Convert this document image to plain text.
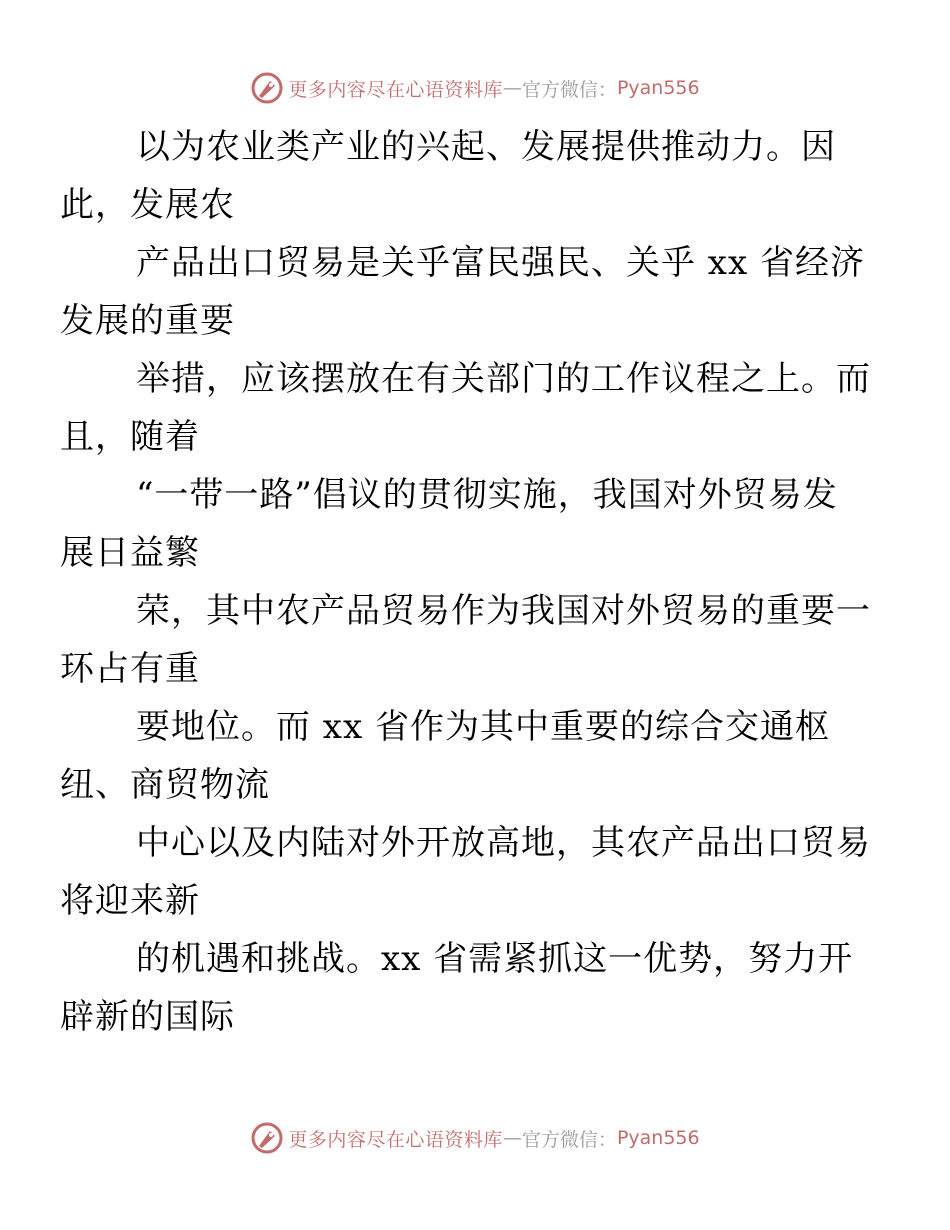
更多内容尽在心语资料库 — 官方微信： Pyan556

以为农业类产业的兴起、发展提供推动力。因
此，发展农

产品出口贸易是关乎富民强民、关乎 xx 省经济
发展的重要

举措，应该摆放在有关部门的工作议程之上。而
且，随着

“一带一路”倡议的贯彻实施，我国对外贸易发
展日益繁

荣，其中农产品贸易作为我国对外贸易的重要一
环占有重

要地位。而 xx 省作为其中重要的综合交通枢
纽、商贸物流

中心以及内陆对外开放高地，其农产品出口贸易
将迎来新

的机遇和挑战。xx 省需紧抓这一优势，努力开
辟新的国际

更多内容尽在心语资料库 — 官方微信： Pyan556
